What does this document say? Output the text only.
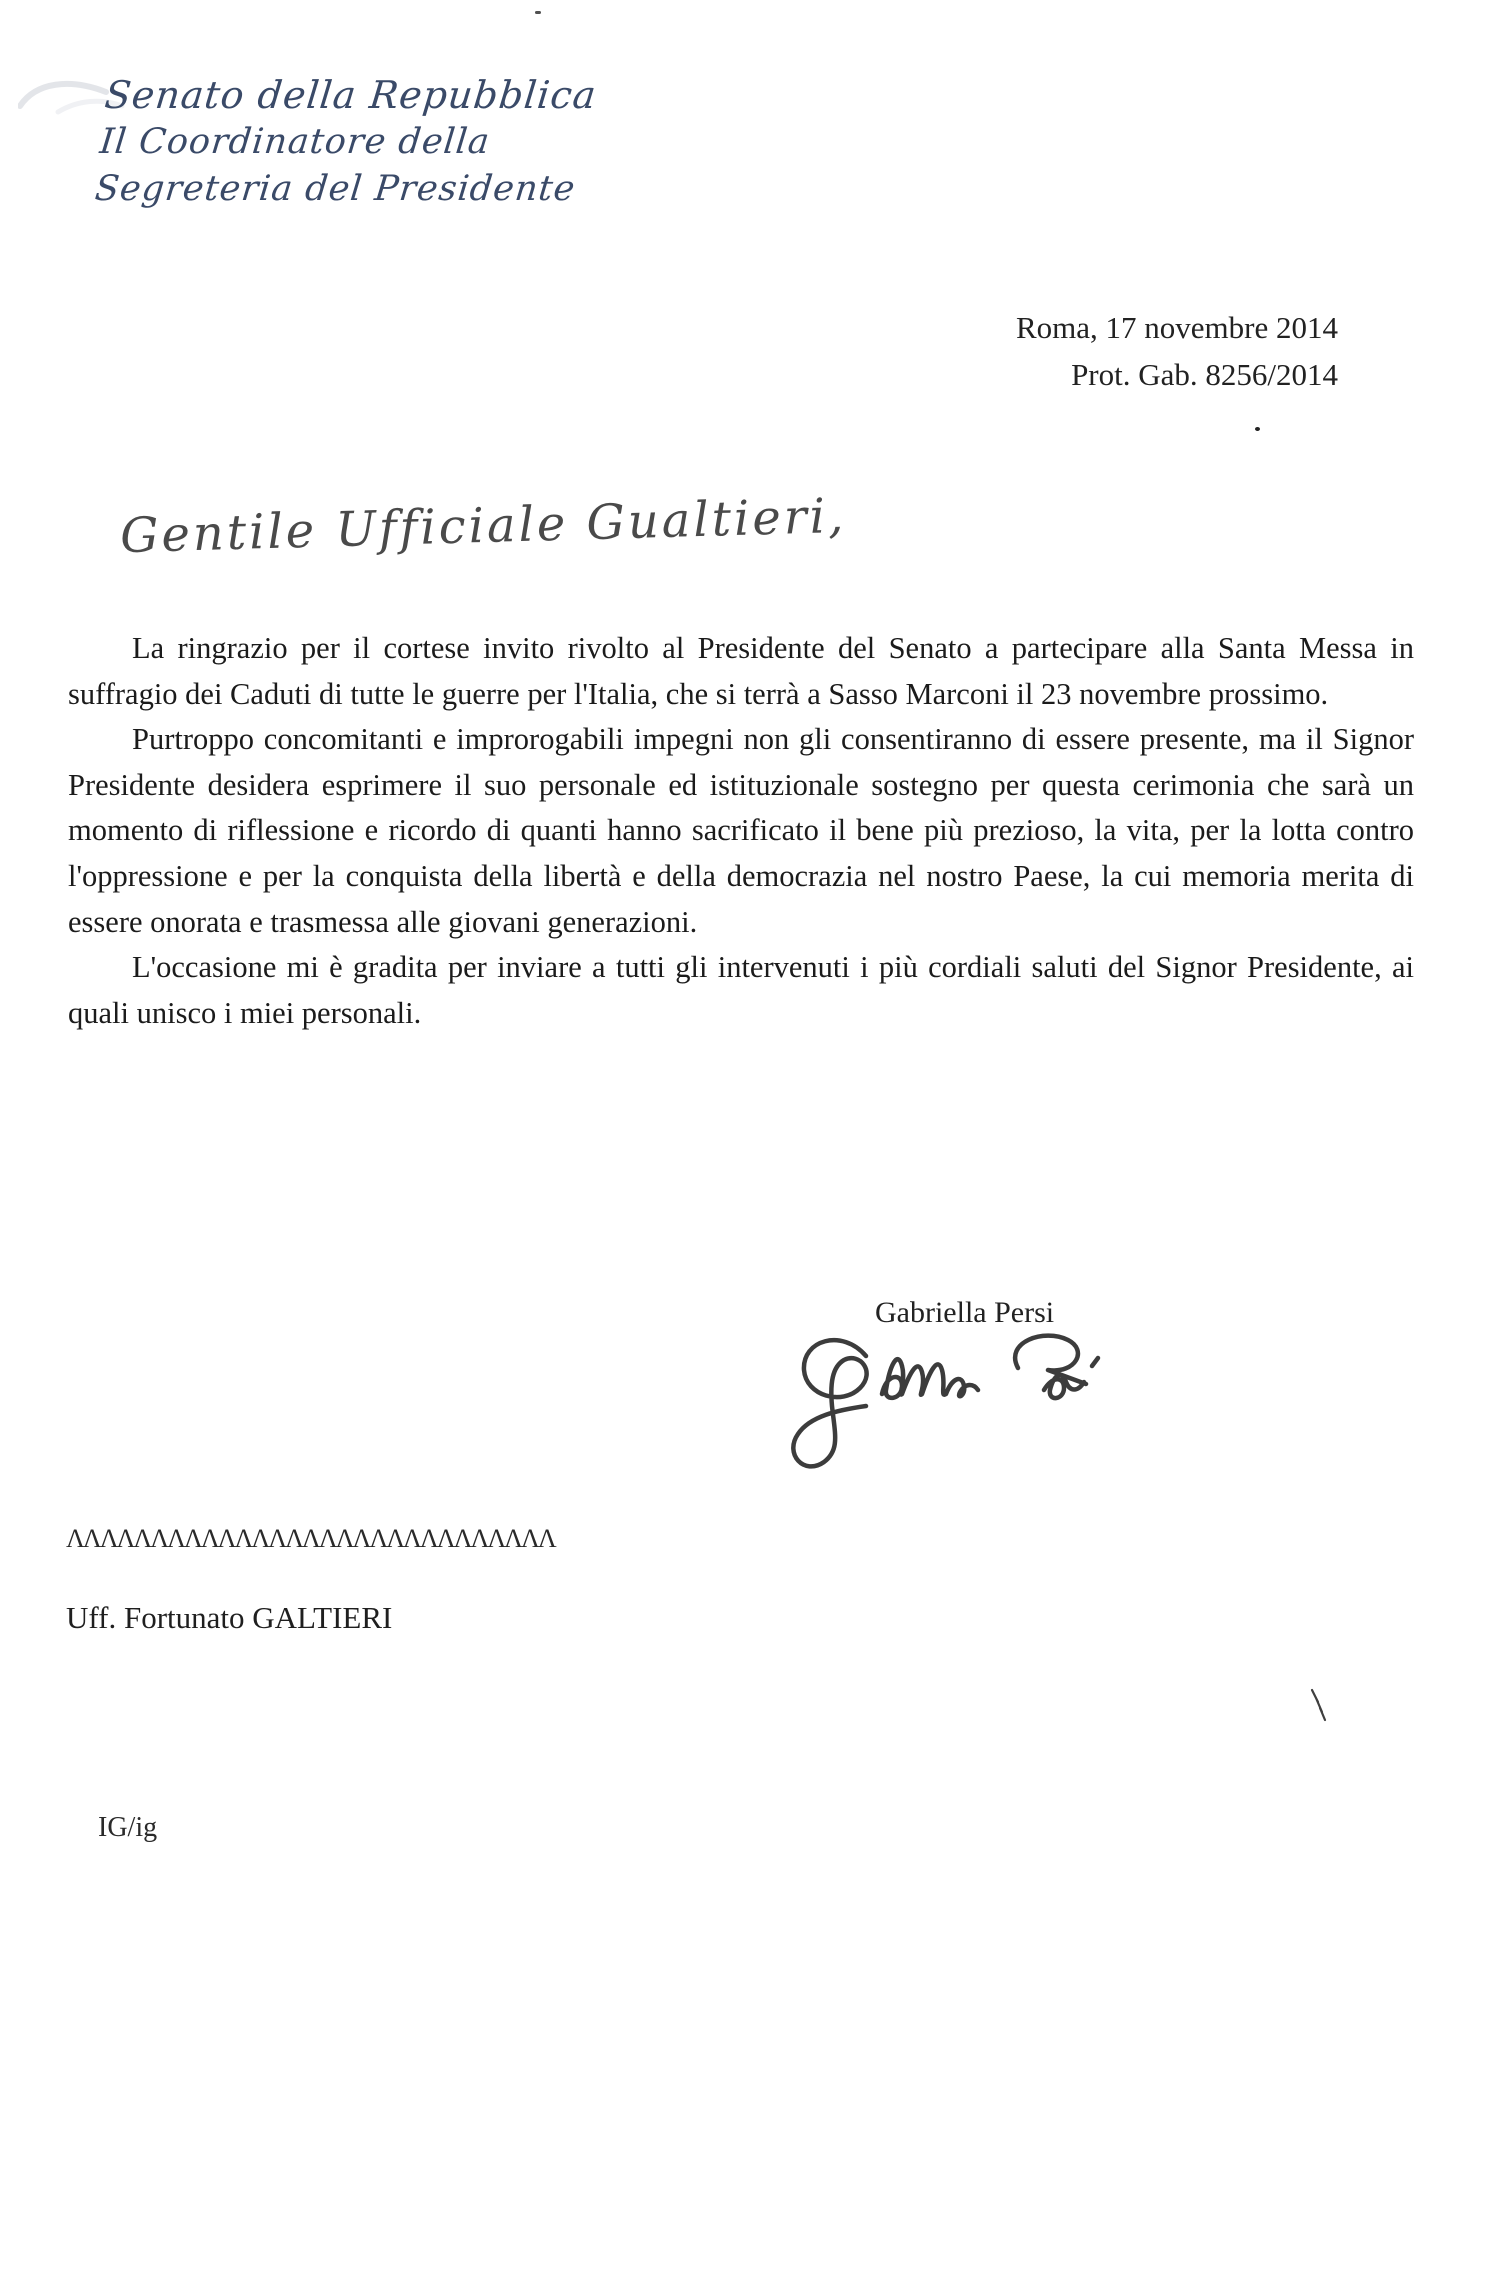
Senato della Repubblica
Il Coordinatore della
Segreteria del Presidente
Roma, 17 novembre 2014
Prot. Gab. 8256/2014
Gentile Ufficiale Gualtieri,

La ringrazio per il cortese invito rivolto al Presidente del Senato a partecipare alla Santa Messa in suffragio dei Caduti di tutte le guerre per l'Italia, che si terrà a Sasso Marconi il 23 novembre prossimo.

Purtroppo concomitanti e improrogabili impegni non gli consentiranno di essere presente, ma il Signor Presidente desidera esprimere il suo personale ed istituzionale sostegno per questa cerimonia che sarà un momento di riflessione e ricordo di quanti hanno sacrificato il bene più prezioso, la vita, per la lotta contro l'oppressione e per la conquista della libertà e della democrazia nel nostro Paese, la cui memoria merita di essere onorata e trasmessa alle giovani generazioni.

L'occasione mi è gradita per inviare a tutti gli intervenuti i più cordiali saluti del Signor Presidente, ai quali unisco i miei personali.

Gabriella Persi
ΛΛΛΛΛΛΛΛΛΛΛΛΛΛΛΛΛΛΛΛΛΛΛΛΛΛΛΛΛ
Uff. Fortunato GALTIERI
IG/ig
